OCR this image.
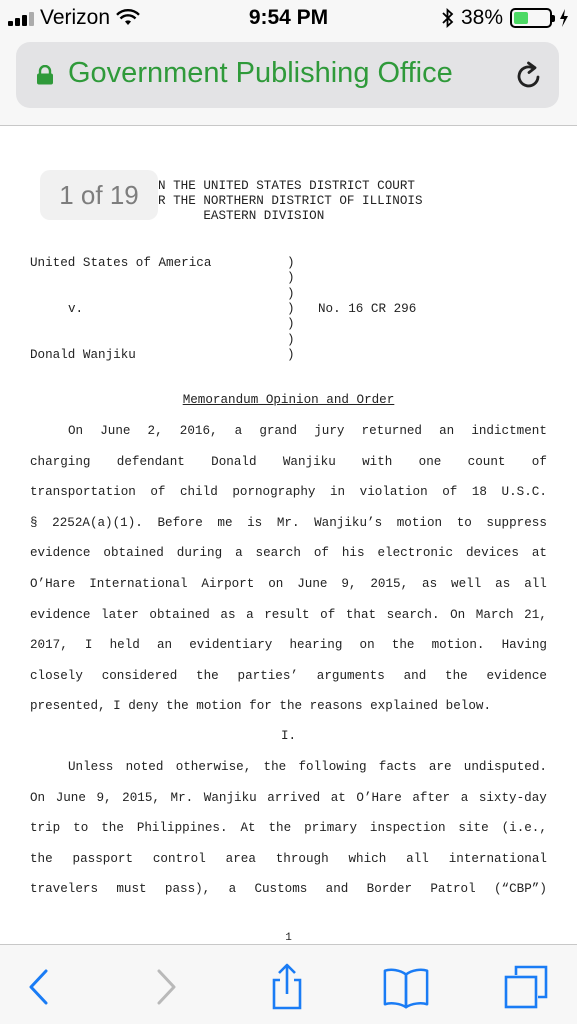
Verizon	9:54 PM	38%
Government Publishing Office
N THE UNITED STATES DISTRICT COURT
R THE NORTHERN DISTRICT OF ILLINOIS
EASTERN DIVISION
1 of 19
United States of America
v.
Donald Wanjiku
)
)
)
)
)
)
)
No. 16 CR 296
Memorandum Opinion and Order
On June 2, 2016, a grand jury returned an indictment
charging defendant Donald Wanjiku with one count of
transportation of child pornography in violation of 18 U.S.C.
§ 2252A(a)(1). Before me is Mr. Wanjiku’s motion to suppress
evidence obtained during a search of his electronic devices at
O’Hare International Airport on June 9, 2015, as well as all
evidence later obtained as a result of that search. On March 21,
2017, I held an evidentiary hearing on the motion. Having
closely considered the parties’ arguments and the evidence
presented, I deny the motion for the reasons explained below.
I.
Unless noted otherwise, the following facts are undisputed.
On June 9, 2015, Mr. Wanjiku arrived at O’Hare after a sixty-day
trip to the Philippines. At the primary inspection site (i.e.,
the passport control area through which all international
travelers must pass), a Customs and Border Patrol (“CBP”)
1
